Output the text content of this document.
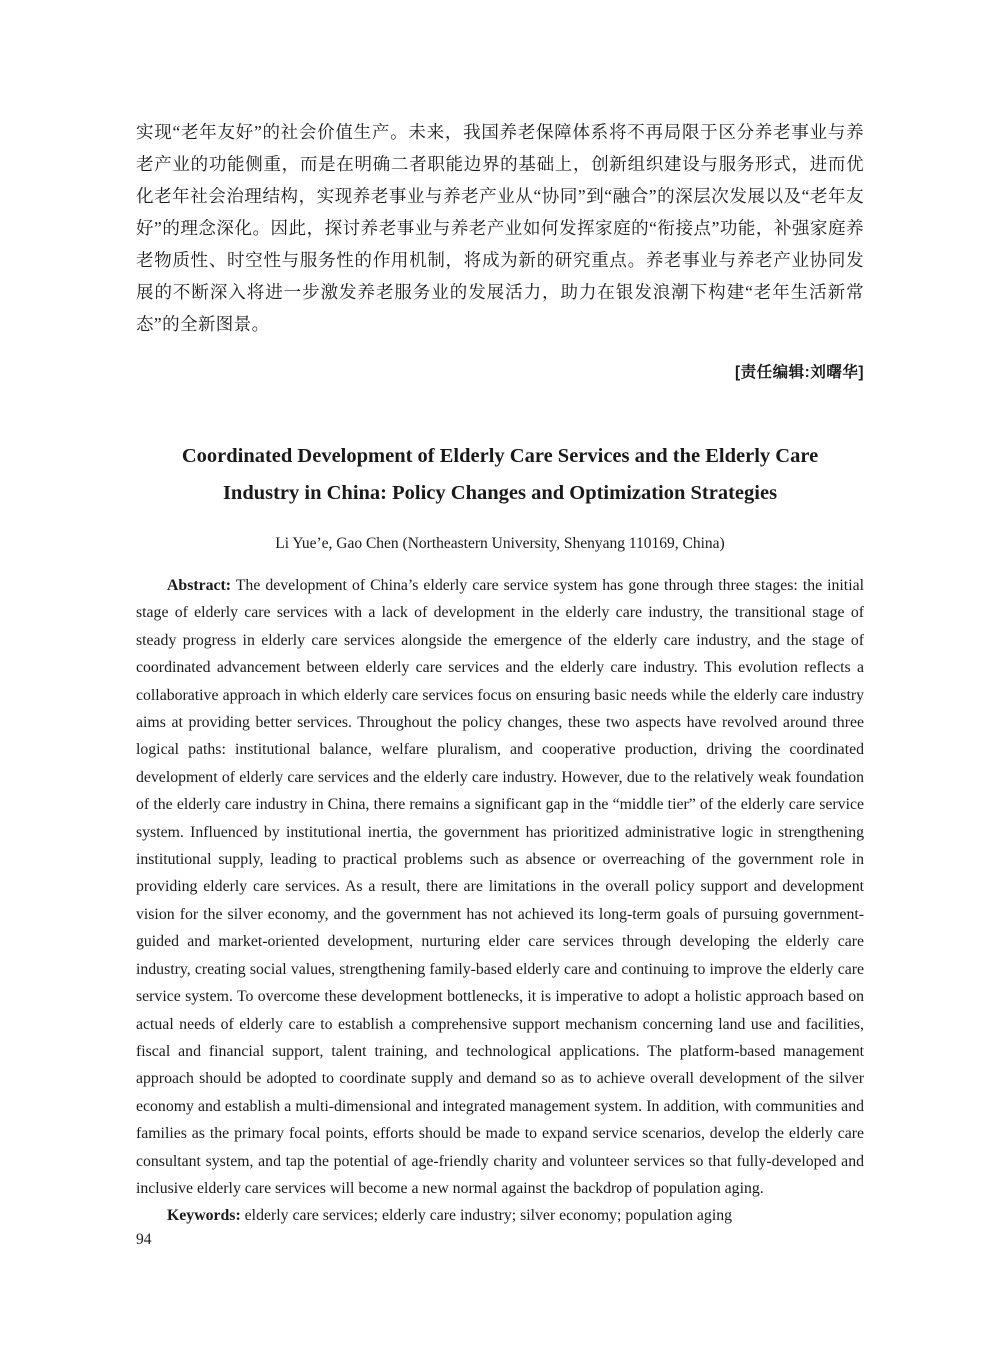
实现“老年友好”的社会价值生产。未来，我国养老保障体系将不再局限于区分养老事业与养老产业的功能侧重，而是在明确二者职能边界的基础上，创新组织建设与服务形式，进而优化老年社会治理结构，实现养老事业与养老产业从“协同”到“融合”的深层次发展以及“老年友好”的理念深化。因此，探讨养老事业与养老产业如何发挥家庭的“衔接点”功能，补强家庭养老物质性、时空性与服务性的作用机制，将成为新的研究重点。养老事业与养老产业协同发展的不断深入将进一步激发养老服务业的发展活力，助力在银发浪潮下构建“老年生活新常态”的全新图景。

[责任编辑:刘曙华]

Coordinated Development of Elderly Care Services and the Elderly Care
Industry in China: Policy Changes and Optimization Strategies

Li Yue’e, Gao Chen (Northeastern University, Shenyang 110169, China)

Abstract: The development of China’s elderly care service system has gone through three stages: the initial stage of elderly care services with a lack of development in the elderly care industry, the transitional stage of steady progress in elderly care services alongside the emergence of the elderly care industry, and the stage of coordinated advancement between elderly care services and the elderly care industry. This evolution reflects a collaborative approach in which elderly care services focus on ensuring basic needs while the elderly care industry aims at providing better services. Throughout the policy changes, these two aspects have revolved around three logical paths: institutional balance, welfare pluralism, and cooperative production, driving the coordinated development of elderly care services and the elderly care industry. However, due to the relatively weak foundation of the elderly care industry in China, there remains a significant gap in the “middle tier” of the elderly care service system. Influenced by institutional inertia, the government has prioritized administrative logic in strengthening institutional supply, leading to practical problems such as absence or overreaching of the government role in providing elderly care services. As a result, there are limitations in the overall policy support and development vision for the silver economy, and the government has not achieved its long-term goals of pursuing government-guided and market-oriented development, nurturing elder care services through developing the elderly care industry, creating social values, strengthening family-based elderly care and continuing to improve the elderly care service system. To overcome these development bottlenecks, it is imperative to adopt a holistic approach based on actual needs of elderly care to establish a comprehensive support mechanism concerning land use and facilities, fiscal and financial support, talent training, and technological applications. The platform-based management approach should be adopted to coordinate supply and demand so as to achieve overall development of the silver economy and establish a multi-dimensional and integrated management system. In addition, with communities and families as the primary focal points, efforts should be made to expand service scenarios, develop the elderly care consultant system, and tap the potential of age-friendly charity and volunteer services so that fully-developed and inclusive elderly care services will become a new normal against the backdrop of population aging.

Keywords: elderly care services; elderly care industry; silver economy; population aging

94
